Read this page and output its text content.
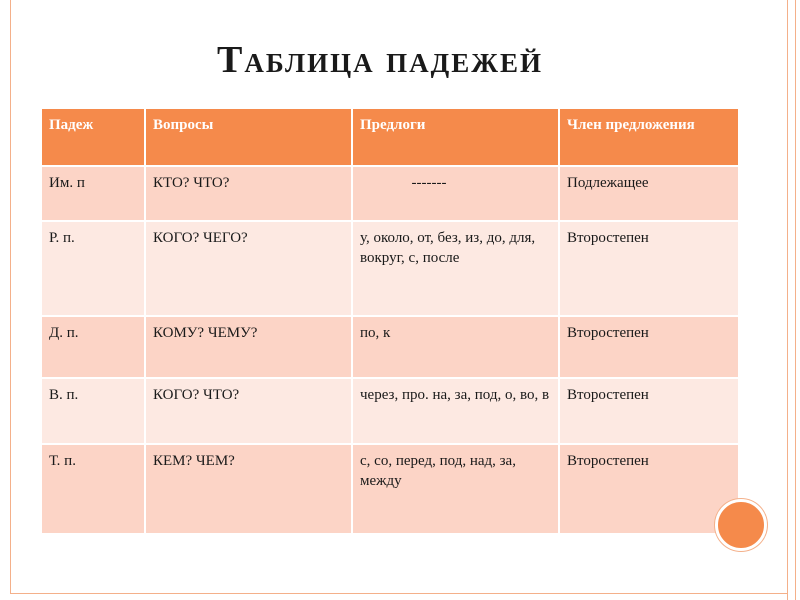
Таблица падежей
Падеж	Вопросы	Предлоги	Член предложения
Им. п	КТО? ЧТО?	-------	Подлежащее
Р. п.	КОГО? ЧЕГО?	у, около, от, без, из, до, для, вокруг, с, после	Второстепен
Д. п.	КОМУ? ЧЕМУ?	по, к	Второстепен
В. п.	КОГО? ЧТО?	через, про. на, за, под, о, во, в	Второстепен
Т. п.	КЕМ? ЧЕМ?	с, со, перед, под, над, за, между	Второстепен
